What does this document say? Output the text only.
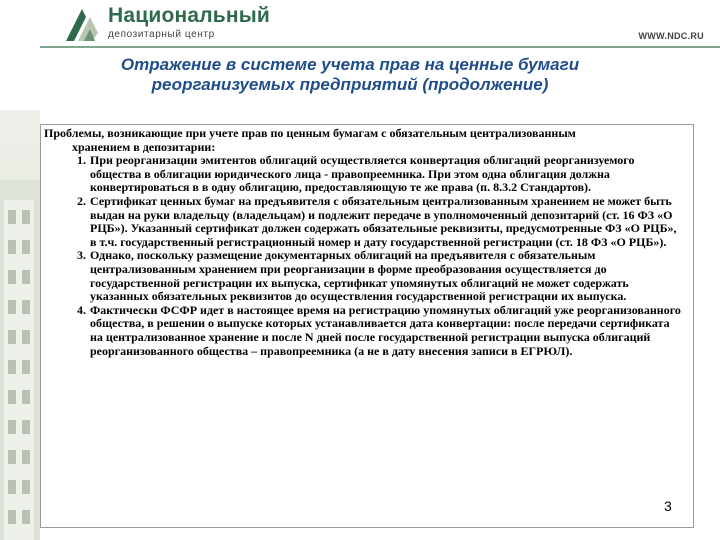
Национальный
депозитарный центр	WWW.NDC.RU
Отражение в системе учета прав на ценные бумаги реорганизуемых предприятий (продолжение)

Проблемы, возникающие при учете прав по ценным бумагам с обязательным централизованным
хранением в депозитарии:

1. При реорганизации эмитентов облигаций осуществляется конвертация облигаций реорганизуемого общества в облигации юридического лица - правопреемника. При этом одна облигация должна конвертироваться в в одну облигацию, предоставляющую те же права (п. 8.3.2 Стандартов).
2. Сертификат ценных бумаг на предъявителя с обязательным централизованным хранением не может быть выдан на руки владельцу (владельцам) и подлежит передаче в уполномоченный депозитарий (ст. 16 ФЗ «О РЦБ»). Указанный сертификат должен содержать обязательные реквизиты, предусмотренные ФЗ «О РЦБ», в т.ч. государственный регистрационный номер и дату государственной регистрации (ст. 18 ФЗ «О РЦБ»).
3. Однако, поскольку размещение документарных облигаций на предъявителя с обязательным централизованным хранением при реорганизации в форме преобразования осуществляется до государственной регистрации их выпуска, сертификат упомянутых облигаций не может содержать указанных обязательных реквизитов до осуществления государственной регистрации их выпуска.
4. Фактически ФСФР идет в настоящее время на регистрацию упомянутых облигаций уже реорганизованного общества, в решении о выпуске которых устанавливается дата конвертации: после передачи сертификата на централизованное хранение и после N дней после государственной регистрации выпуска облигаций реорганизованного общества – правопреемника (а не в дату внесения записи в ЕГРЮЛ).
3
